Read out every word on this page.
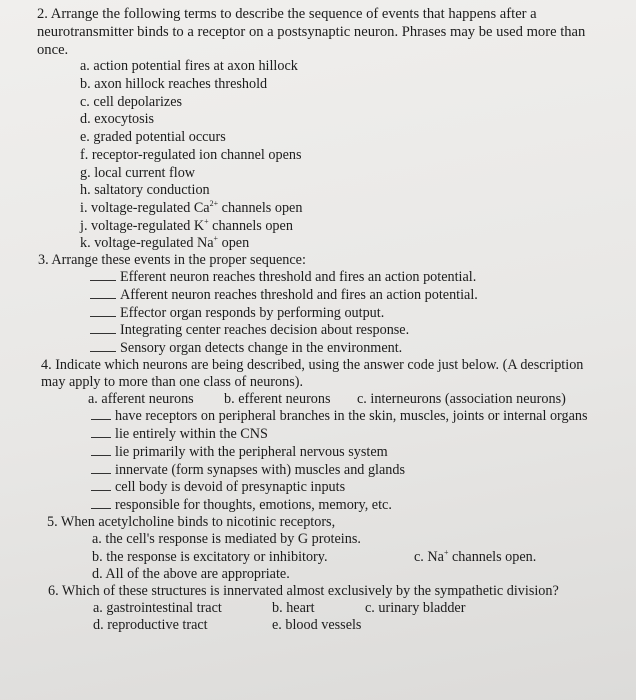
2. Arrange the following terms to describe the sequence of events that happens after a
neurotransmitter binds to a receptor on a postsynaptic neuron. Phrases may be used more than
once.
a. action potential fires at axon hillock
b. axon hillock reaches threshold
c. cell depolarizes
d. exocytosis
e. graded potential occurs
f. receptor-regulated ion channel opens
g. local current flow
h. saltatory conduction
i. voltage-regulated $Ca^{2+}$ channels open
j. voltage-regulated K+ channels open
k. voltage-regulated Na+ open
3. Arrange these events in the proper sequence:
Efferent neuron reaches threshold and fires an action potential.
Afferent neuron reaches threshold and fires an action potential.
Effector organ responds by performing output.
Integrating center reaches decision about response.
Sensory organ detects change in the environment.
4. Indicate which neurons are being described, using the answer code just below. (A description
may apply to more than one class of neurons).
a. afferent neurons b. efferent neurons c. interneurons (association neurons)
have receptors on peripheral branches in the skin, muscles, joints or internal organs
lie entirely within the CNS
lie primarily with the peripheral nervous system
innervate (form synapses with) muscles and glands
cell body is devoid of presynaptic inputs
responsible for thoughts, emotions, memory, etc.
5. When acetylcholine binds to nicotinic receptors,
a. the cell's response is mediated by G proteins.
b. the response is excitatory or inhibitory.	c. Na+ channels open.
d. All of the above are appropriate.
6. Which of these structures is innervated almost exclusively by the sympathetic division?
a. gastrointestinal tract	b. heart	c. urinary bladder
d. reproductive tract	e. blood vessels
